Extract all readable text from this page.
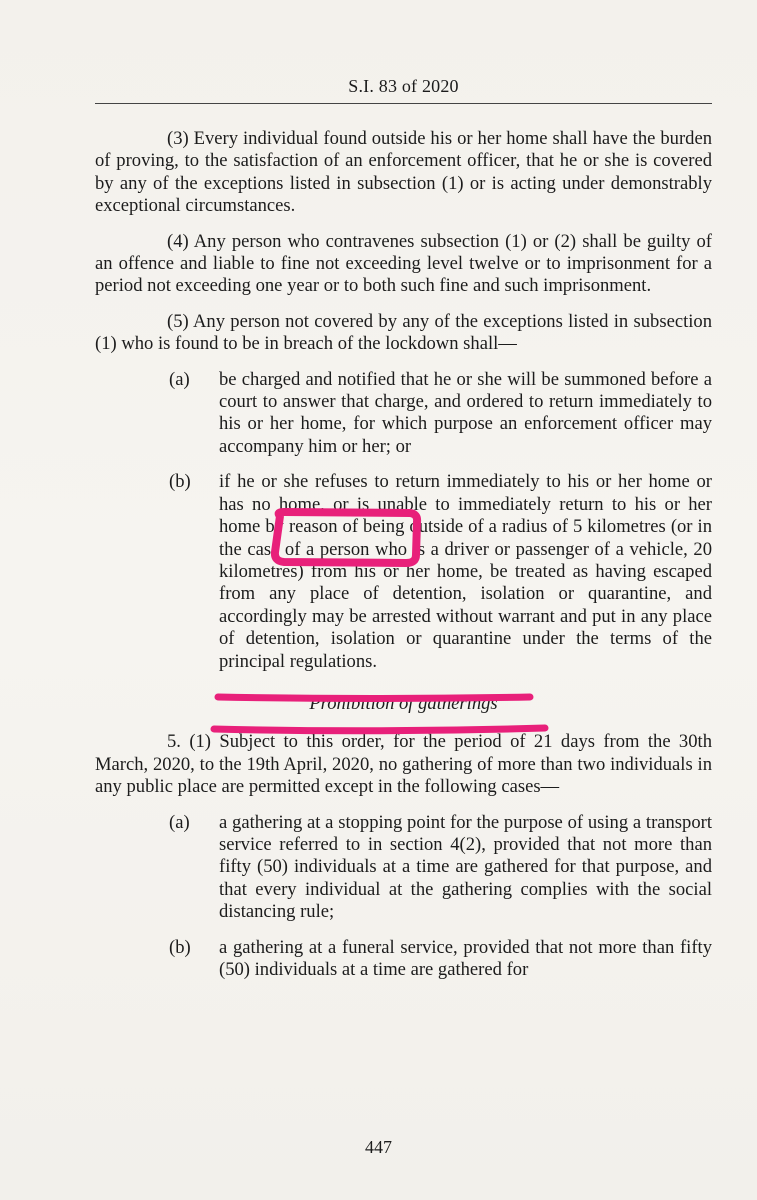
S.I. 83 of 2020

(3) Every individual found outside his or her home shall have the burden of proving, to the satisfaction of an enforcement officer, that he or she is covered by any of the exceptions listed in subsection (1) or is acting under demonstrably exceptional circumstances.

(4) Any person who contravenes subsection (1) or (2) shall be guilty of an offence and liable to fine not exceeding level twelve or to imprisonment for a period not exceeding one year or to both such fine and such imprisonment.

(5) Any person not covered by any of the exceptions listed in subsection (1) who is found to be in breach of the lockdown shall—

(a)	be charged and notified that he or she will be summoned before a court to answer that charge, and ordered to return immediately to his or her home, for which purpose an enforcement officer may accompany him or her; or
(b)	if he or she refuses to return immediately to his or her home or has no home, or is unable to immediately return to his or her home by reason of being outside of a radius of 5 kilometres (or in the case of a person who is a driver or passenger of a vehicle, 20 kilometres) from his or her home, be treated as having escaped from any place of detention, isolation or quarantine, and accordingly may be arrested without warrant and put in any place of detention, isolation or quarantine under the terms of the principal regulations.
Prohibition of gatherings

5. (1) Subject to this order, for the period of 21 days from the 30th March, 2020, to the 19th April, 2020, no gathering of more than two individuals in any public place are permitted except in the following cases—

(a)	a gathering at a stopping point for the purpose of using a transport service referred to in section 4(2), provided that not more than fifty (50) individuals at a time are gathered for that purpose, and that every individual at the gathering complies with the social distancing rule;
(b)	a gathering at a funeral service, provided that not more than fifty (50) individuals at a time are gathered for
447
